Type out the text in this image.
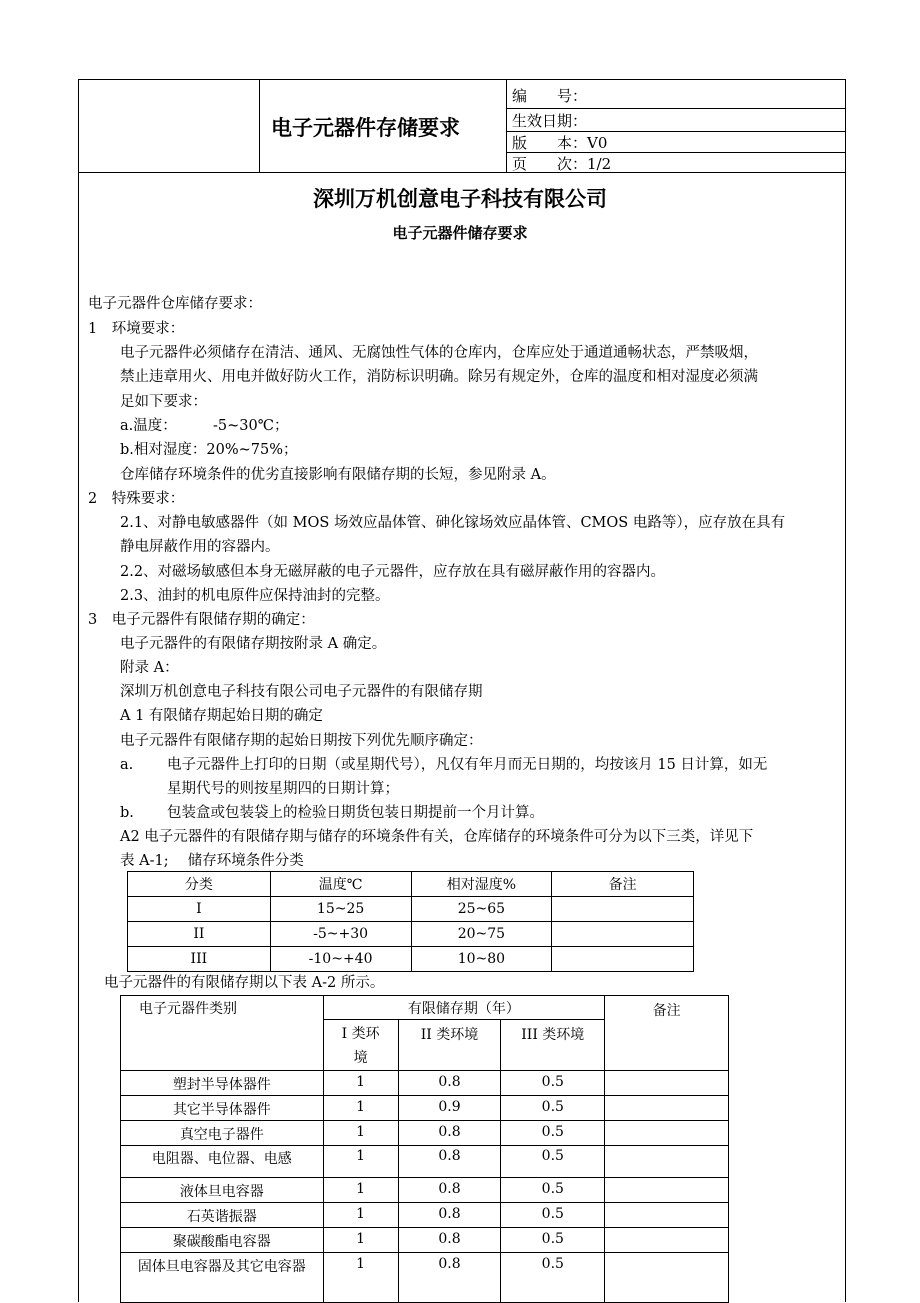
电子元器件存储要求
编　　号：
生效日期：
版　　本：V0
页　　次：1/2
深圳万机创意电子科技有限公司
电子元器件储存要求
电子元器件仓库储存要求：
1　环境要求：
电子元器件必须储存在清洁、通风、无腐蚀性气体的仓库内，仓库应处于通道通畅状态，严禁吸烟，
禁止违章用火、用电并做好防火工作，消防标识明确。除另有规定外，仓库的温度和相对湿度必须满
足如下要求：
a.温度：　　　-5~30℃；
b.相对湿度：20%~75%；
仓库储存环境条件的优劣直接影响有限储存期的长短，参见附录 A。
2　特殊要求：
2.1、对静电敏感器件（如 MOS 场效应晶体管、砷化镓场效应晶体管、CMOS 电路等），应存放在具有
静电屏蔽作用的容器内。
2.2、对磁场敏感但本身无磁屏蔽的电子元器件，应存放在具有磁屏蔽作用的容器内。
2.3、油封的机电原件应保持油封的完整。
3　电子元器件有限储存期的确定：
电子元器件的有限储存期按附录 A 确定。
附录 A：
深圳万机创意电子科技有限公司电子元器件的有限储存期
A 1 有限储存期起始日期的确定
电子元器件有限储存期的起始日期按下列优先顺序确定：
a. 电子元器件上打印的日期（或星期代号），凡仅有年月而无日期的，均按该月 15 日计算，如无
星期代号的则按星期四的日期计算；
b. 包装盒或包装袋上的检验日期货包装日期提前一个月计算。
A2 电子元器件的有限储存期与储存的环境条件有关，仓库储存的环境条件可分为以下三类，详见下
表 A-1;　 储存环境条件分类
分类	温度℃	相对湿度%	备注
I	15~25	25~65	
II	-5~+30	20~75	
III	-10~+40	10~80	
电子元器件的有限储存期以下表 A-2 所示。
电子元器件类别	有限储存期（年）			备注
	I 类环境	II 类环境	III 类环境	
塑封半导体器件	1	0.8	0.5	
其它半导体器件	1	0.9	0.5	
真空电子器件	1	0.8	0.5	
电阻器、电位器、电感	1	0.8	0.5	
液体旦电容器	1	0.8	0.5	
石英谐振器	1	0.8	0.5	
聚碳酸酯电容器	1	0.8	0.5	
固体旦电容器及其它电容器	1	0.8	0.5	
